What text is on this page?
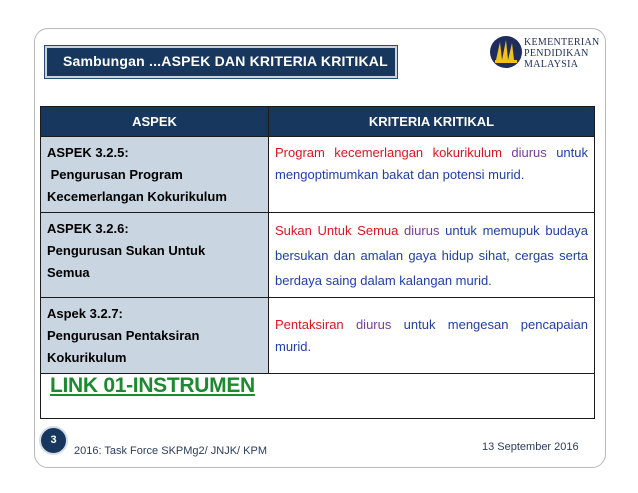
Sambungan ...ASPEK DAN KRITERIA KRITIKAL
KEMENTERIAN
PENDIDIKAN
MALAYSIA
ASPEK	KRITERIA KRITIKAL

ASPEK 3.2.5:
Pengurusan Program
Kecemerlangan Kokurikulum	Program kecemerlangan kokurikulum diurus untuk mengoptimumkan bakat dan potensi murid.

ASPEK 3.2.6:
Pengurusan Sukan Untuk
Semua	Sukan Untuk Semua diurus untuk memupuk budaya bersukan dan amalan gaya hidup sihat, cergas serta berdaya saing dalam kalangan murid.

Aspek 3.2.7:
Pengurusan Pentaksiran
Kokurikulum	Pentaksiran diurus untuk mengesan pencapaian murid.
LINK 01-INSTRUMEN	
3
2016: Task Force SKPMg2/ JNJK/ KPM	13 September 2016
